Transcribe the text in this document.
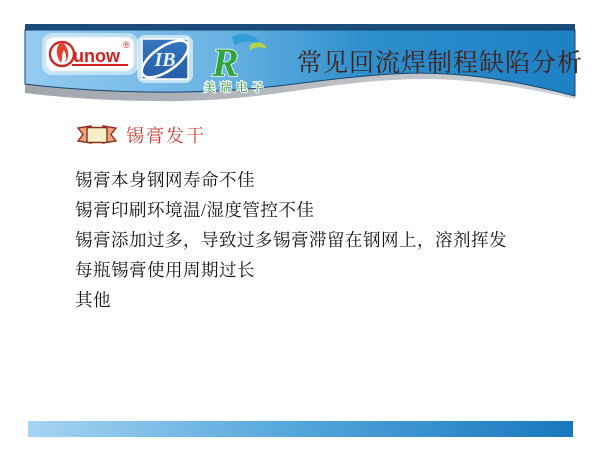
unow
®
IB R
美瑞电子
常见回流焊制程缺陷分析
锡膏发干
锡膏本身钢网寿命不佳
锡膏印刷环境温/湿度管控不佳
锡膏添加过多，导致过多锡膏滞留在钢网上，溶剂挥发
每瓶锡膏使用周期过长
其他
